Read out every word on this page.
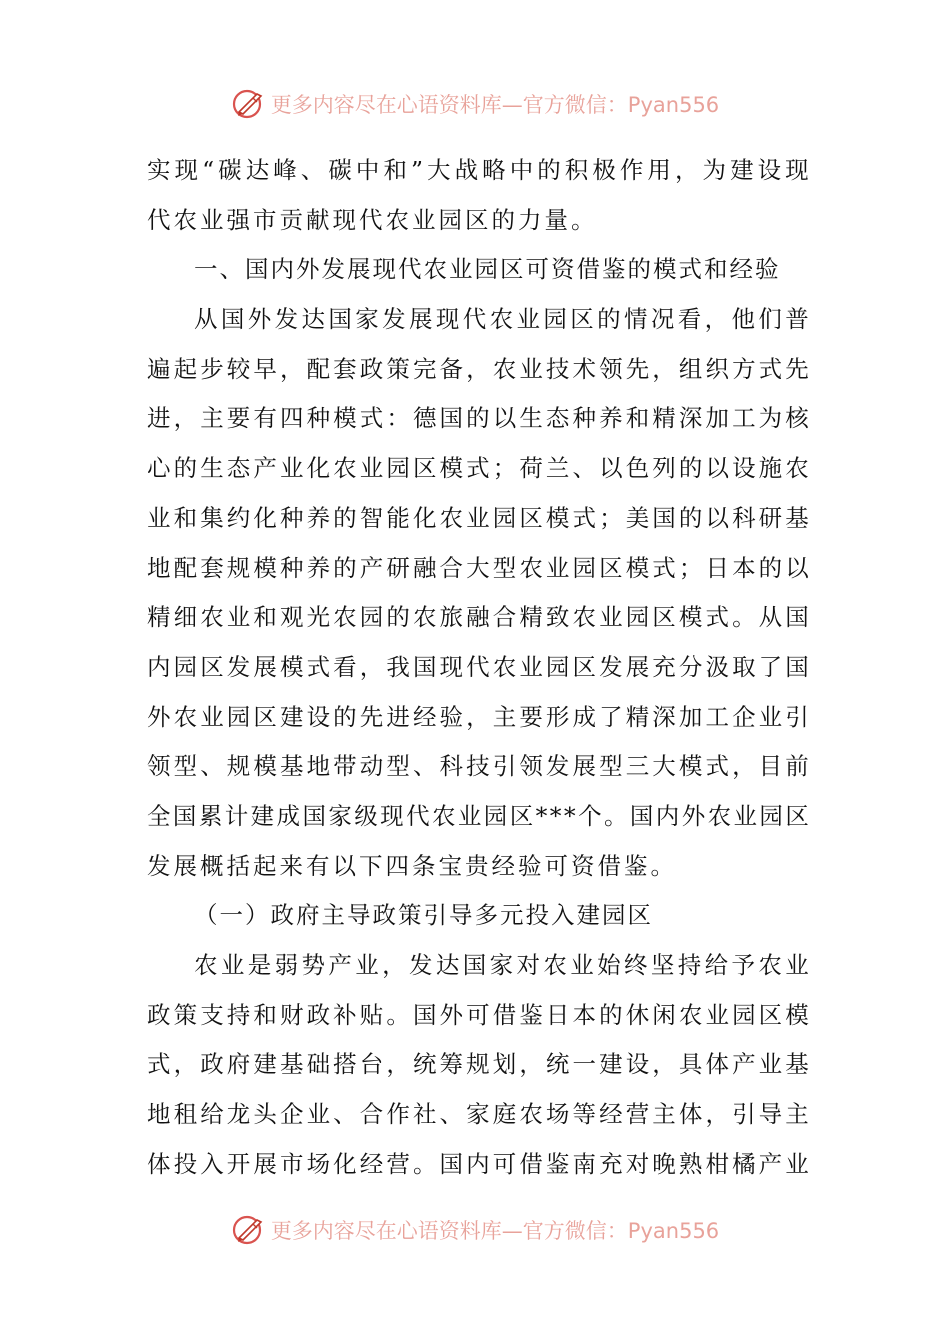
更多内容尽在心语资料库—官方微信：Pyan556
实 现 “ 碳 达 峰 、 碳 中 和 ” 大 战 略 中 的 积 极 作 用 ， 为 建 设 现
代农业强市贡献现代农业园区的力量。
一、国内外发展现代农业园区可资借鉴的模式和经验
从 国 外 发 达 国 家 发 展 现 代 农 业 园 区 的 情 况 看 ， 他 们 普
遍 起 步 较 早 ， 配 套 政 策 完 备 ， 农 业 技 术 领 先 ， 组 织 方 式 先
进 ， 主 要 有 四 种 模 式 ： 德 国 的 以 生 态 种 养 和 精 深 加 工 为 核
心 的 生 态 产 业 化 农 业 园 区 模 式 ； 荷 兰 、 以 色 列 的 以 设 施 农
业 和 集 约 化 种 养 的 智 能 化 农 业 园 区 模 式 ； 美 国 的 以 科 研 基
地 配 套 规 模 种 养 的 产 研 融 合 大 型 农 业 园 区 模 式 ； 日 本 的 以
精 细 农 业 和 观 光 农 园 的 农 旅 融 合 精 致 农 业 园 区 模 式 。 从 国
内 园 区 发 展 模 式 看 ， 我 国 现 代 农 业 园 区 发 展 充 分 汲 取 了 国
外 农 业 园 区 建 设 的 先 进 经 验 ， 主 要 形 成 了 精 深 加 工 企 业 引
领 型 、 规 模 基 地 带 动 型 、 科 技 引 领 发 展 型 三 大 模 式 ， 目 前
全 国 累 计 建 成 国 家 级 现 代 农 业 园 区 * * * 个 。 国 内 外 农 业 园 区
发展概括起来有以下四条宝贵经验可资借鉴。
（一）政府主导政策引导多元投入建园区
农 业 是 弱 势 产 业 ， 发 达 国 家 对 农 业 始 终 坚 持 给 予 农 业
政 策 支 持 和 财 政 补 贴 。 国 外 可 借 鉴 日 本 的 休 闲 农 业 园 区 模
式 ， 政 府 建 基 础 搭 台 ， 统 筹 规 划 ， 统 一 建 设 ， 具 体 产 业 基
地 租 给 龙 头 企 业 、 合 作 社 、 家 庭 农 场 等 经 营 主 体 ， 引 导 主
体 投 入 开 展 市 场 化 经 营 。 国 内 可 借 鉴 南 充 对 晚 熟 柑 橘 产 业
更多内容尽在心语资料库—官方微信：Pyan556
